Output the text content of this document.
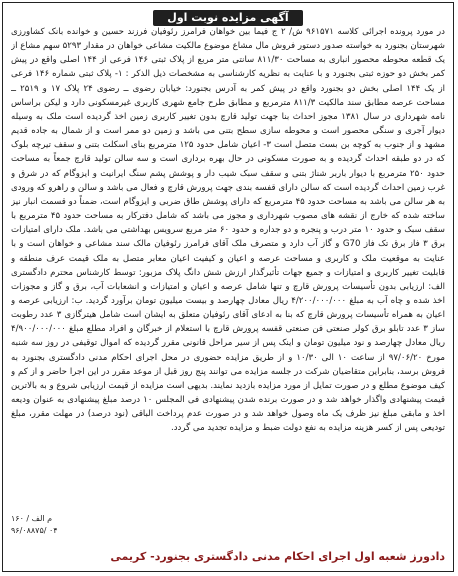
آگهی مزایده نوبت اول

در مورد پرونده اجرائی کلاسه ۹۶۱۵۷۱ ش/ ۲ ج فیما بین خواهان فرامرز رئوفیان فرزند حسین و خوانده بانک کشاورزی شهرستان بجنورد به خواسته صدور دستور فروش مال مشاع موضوع مالکیت مشاعی خواهان در مقدار ۵۲۹۳ سهم مشاع از یک قطعه محوطه محصور انباری به مساحت ۸۱۱/۳۰ سانتی متر مربع از پلاک ثبتی ۱۴۶ فرعی از ۱۴۴ اصلی واقع در پیش کمر بخش دو حوزه ثبتی بجنورد و با عنایت به نظریه کارشناسی به مشخصات ذیل الذکر : ۱- پلاک ثبتی شماره ۱۴۶ فرعی از یک ۱۴۴ اصلی بخش دو بجنورد واقع در پیش کمر به آدرس بجنورد: خیابان رضوی ــ رضوی ۲۴ پلاک ۱۷ و ۲۵۱۹ ــ مساحت عرصه مطابق سند مالکیت ۸۱۱/۳ مترمربع و مطابق طرح جامع شهری کاربری غیرمسکونی دارد و لیکن براساس نامه شهرداری در سال ۱۳۸۱ مجوز احداث بنا جهت تولید قارچ بدون تغییر کاربری زمین اخذ گردیده است ملک به وسیله دیوار آجری و سنگی محصور است و محوطه سازی سطح بتنی می باشد و زمین دو ممر است و از شمال به جاده قدیم مشهد و از جنوب به کوچه بن بست متصل است ۳- اعیان شامل حدود ۱۲۵ مترمربع بنای اسکلت بتنی و سقف تیرچه بلوک که در دو طبقه احداث گردیده و به صورت مسکونی در حال بهره برداری است و سه سالن تولید قارچ جمعاً به مساحت حدود ۲۵۰ مترمربع با دیوار باربر شناژ بتنی و سقف سبک شیب دار و پوشش پشم سنگ ایرانیت و ایزوگام که در شرق و غرب زمین احداث گردیده است که سالن دارای قفسه بندی جهت پرورش قارچ و فعال می باشد و سالن و راهرو که ورودی به هر سالن می باشد به مساحت حدود ۴۵ مترمربع که دارای پوشش طاق ضربی و ایزوگام است، ضمناً دو قسمت انبار نیز ساخته شده که خارج از نقشه های مصوب شهرداری و مجوز می باشد که شامل دفترکار به مساحت حدود ۴۵ مترمربع با سقف سبک و حدود ۱۰ متر درب و پنجره و دو جداره و حدود ۶۰ متر مربع سرویس بهداشتی می باشد. ملک دارای امتیازات برق ۳ فاز برق تک فاز G70 و گاز آب دارد و متصرف ملک آقای فرامرز رئوفیان مالک سند مشاعی و خواهان است و با عنایت به موقعیت ملک و کاربری و مساحت عرصه و اعیان و کیفیت اعیان معابر متصل به ملک قیمت عرف منطقه و قابلیت تغییر کاربری و امتیازات و جمیع جهات تأثیرگذار ارزش شش دانگ پلاک مزبور: توسط کارشناس محترم دادگستری الف: ارزیابی بدون تأسیسات پرورش قارچ و تنها شامل عرصه و اعیان و امتیازات و انشعابات آب، برق و گاز و مجوزات اخذ شده و چاه آب به مبلغ ۴/۲۰۰/۰۰۰/۰۰۰ ریال معادل چهارصد و بیست میلیون تومان برآورد گردید. ب: ارزیابی عرصه و اعیان به همراه تأسیسات پرورش قارچ که بنا به ادعای آقای رئوفیان متعلق به ایشان است شامل هیترگازی ۳ عدد رطوبت ساز ۳ عدد تابلو برق کولر صنعتی فن صنعتی قفسه پرورش قارچ با استعلام از خبرگان و افراد مطلع مبلغ ۴/۹۰۰/۰۰۰/۰۰۰ ریال معادل چهارصد و نود میلیون تومان و اینک پس از سیر مراحل قانونی مقرر گردیده که اموال توقیفی در روز سه شنبه مورخ ۹۷/۰۶/۲۰ از ساعت ۱۰ الی ۱۰/۳۰ و از طریق مزایده حضوری در محل اجرای احکام مدنی دادگستری بجنورد به فروش برسد، بنابراین متقاضیان شرکت در جلسه مزایده می توانند پنج روز قبل از موعد مقرر در این اجرا حاضر و از کم و کیف موضوع مطلع و در صورت تمایل از مورد مزایده بازدید نمایند. بدیهی است مزایده از قیمت ارزیابی شروع و به بالاترین قیمت پیشنهادی واگذار خواهد شد و در صورت برنده شدن پیشنهادی فی المجلس ۱۰ درصد مبلغ پیشنهادی به عنوان ودیعه اخذ و مابقی مبلغ نیز ظرف یک ماه وصول خواهد شد و در صورت عدم پرداخت الباقی (نود درصد) در مهلت مقرر، مبلغ تودیعی پس از کسر هزینه مزایده به نفع دولت ضبط و مزایده تجدید می گردد.

م الف / ۱۶۰
۹۶/۰۸۸۷۵/ ۰۴
دادورز شعبه اول اجرای احکام مدنی دادگستری بجنورد- کریمی
